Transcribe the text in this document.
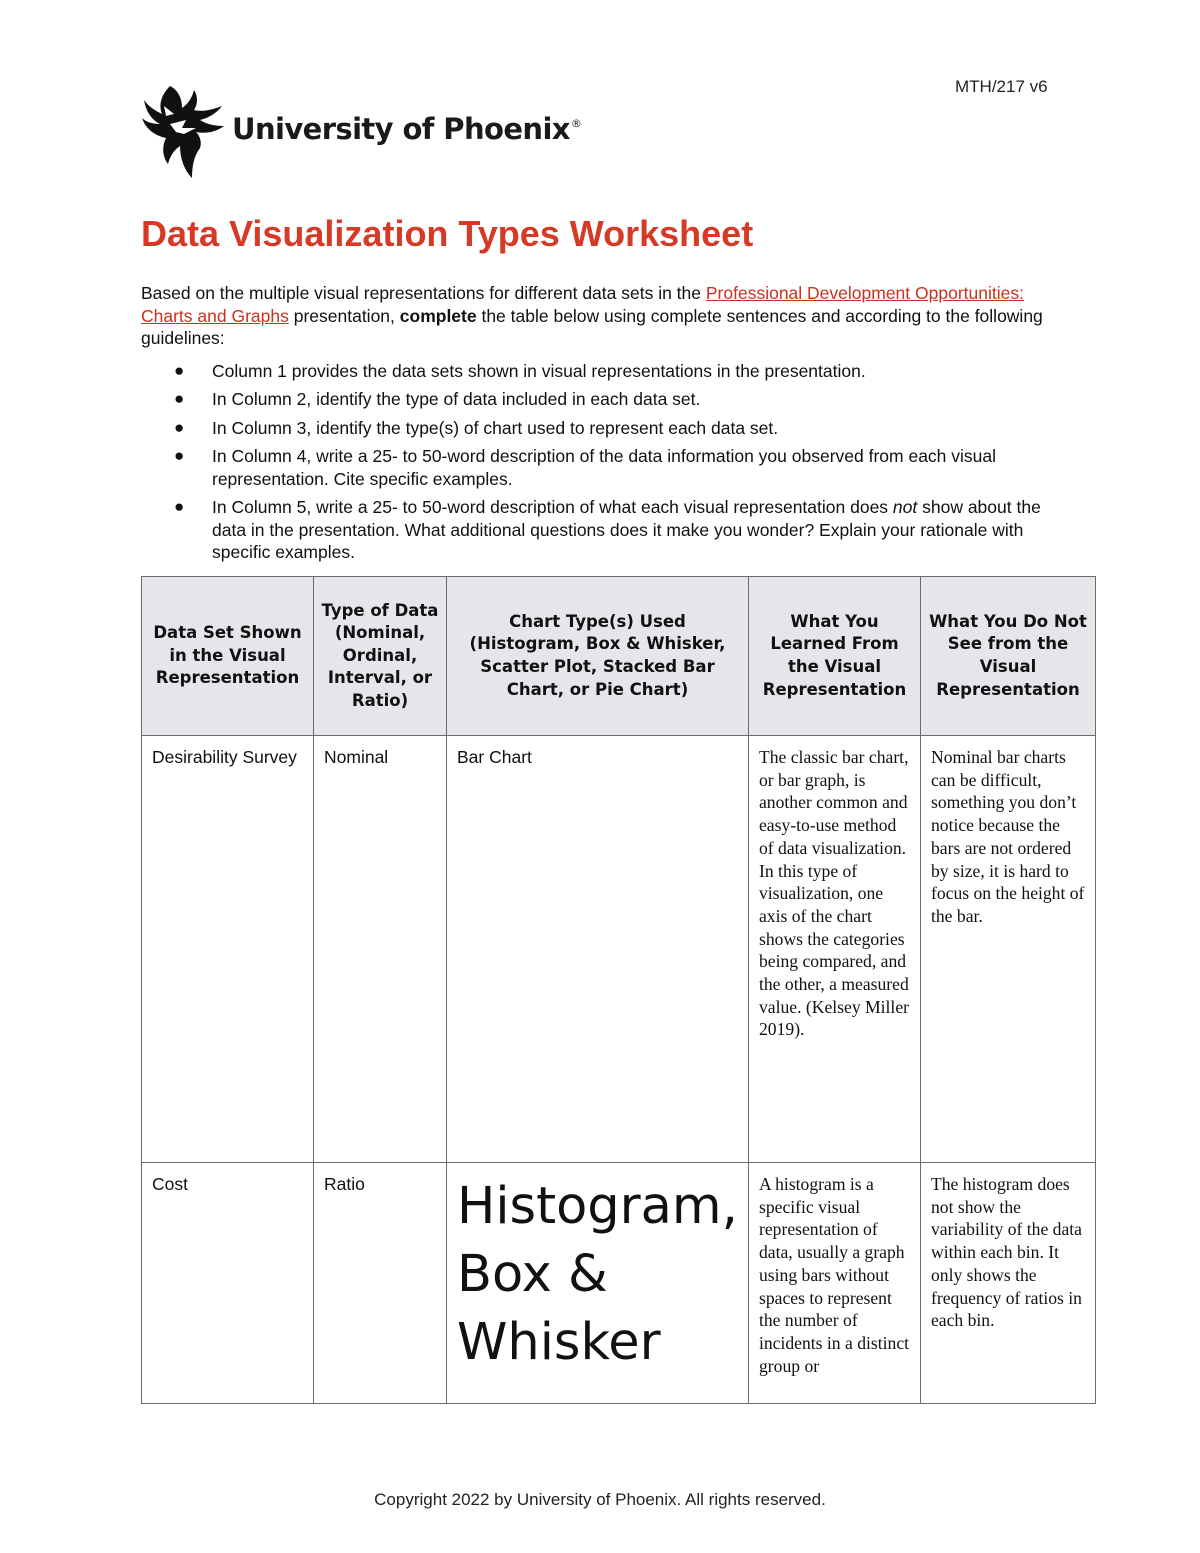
MTH/217 v6
University of Phoenix®
Data Visualization Types Worksheet

Based on the multiple visual representations for different data sets in the Professional Development Opportunities: Charts and Graphs presentation, complete the table below using complete sentences and according to the following guidelines:

● Column 1 provides the data sets shown in visual representations in the presentation.
● In Column 2, identify the type of data included in each data set.
● In Column 3, identify the type(s) of chart used to represent each data set.
● In Column 4, write a 25- to 50-word description of the data information you observed from each visual representation. Cite specific examples.
● In Column 5, write a 25- to 50-word description of what each visual representation does not show about the data in the presentation. What additional questions does it make you wonder? Explain your rationale with specific examples.
Data Set Shown in the Visual Representation	Type of Data (Nominal, Ordinal, Interval, or Ratio)	Chart Type(s) Used (Histogram, Box & Whisker, Scatter Plot, Stacked Bar Chart, or Pie Chart)	What You Learned From the Visual Representation	What You Do Not See from the Visual Representation
Desirability Survey	Nominal	Bar Chart	The classic bar chart, or bar graph, is another common and easy-to-use method of data visualization. In this type of visualization, one axis of the chart shows the categories being compared, and the other, a measured value. (Kelsey Miller 2019).	Nominal bar charts can be difficult, something you don’t notice because the bars are not ordered by size, it is hard to focus on the height of the bar.

Cost	Ratio	Histogram, Box & Whisker	A histogram is a specific visual representation of data, usually a graph using bars without spaces to represent the number of incidents in a distinct group or	The histogram does not show the variability of the data within each bin. It only shows the frequency of ratios in each bin.
Copyright 2022 by University of Phoenix. All rights reserved.
